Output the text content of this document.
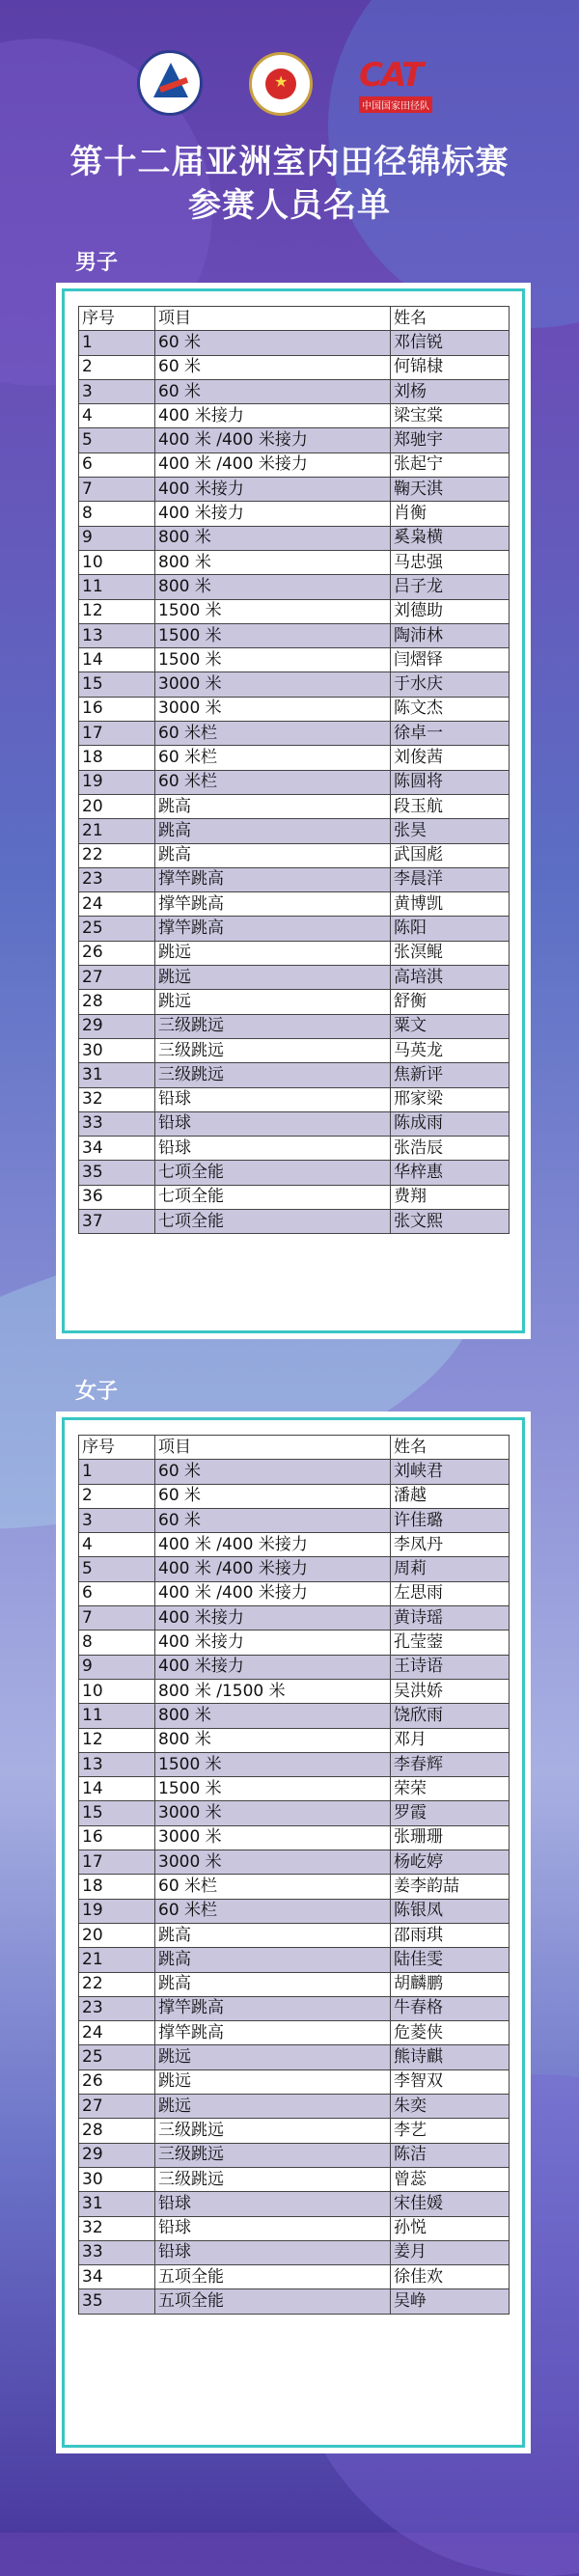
★ CAT
中国国家田径队
第十二届亚洲室内田径锦标赛
参赛人员名单
男子
序号	项目	姓名
1	60 米	邓信锐
2	60 米	何锦棣
3	60 米	刘杨
4	400 米接力	梁宝棠
5	400 米 /400 米接力	郑驰宇
6	400 米 /400 米接力	张起宁
7	400 米接力	鞠天淇
8	400 米接力	肖衡
9	800 米	奚枭横
10	800 米	马忠强
11	800 米	吕子龙
12	1500 米	刘德助
13	1500 米	陶沛林
14	1500 米	闫熠铎
15	3000 米	于水庆
16	3000 米	陈文杰
17	60 米栏	徐卓一
18	60 米栏	刘俊茜
19	60 米栏	陈圆将
20	跳高	段玉航
21	跳高	张昊
22	跳高	武国彪
23	撑竿跳高	李晨洋
24	撑竿跳高	黄博凯
25	撑竿跳高	陈阳
26	跳远	张溟鲲
27	跳远	高培淇
28	跳远	舒衡
29	三级跳远	粟文
30	三级跳远	马英龙
31	三级跳远	焦新评
32	铅球	邢家梁
33	铅球	陈成雨
34	铅球	张浩辰
35	七项全能	华梓惠
36	七项全能	费翔
37	七项全能	张文熙
女子
序号	项目	姓名
1	60 米	刘峡君
2	60 米	潘越
3	60 米	许佳璐
4	400 米 /400 米接力	李凤丹
5	400 米 /400 米接力	周莉
6	400 米 /400 米接力	左思雨
7	400 米接力	黄诗瑶
8	400 米接力	孔莹蓥
9	400 米接力	王诗语
10	800 米 /1500 米	吴洪娇
11	800 米	饶欣雨
12	800 米	邓月
13	1500 米	李春辉
14	1500 米	荣荣
15	3000 米	罗霞
16	3000 米	张珊珊
17	3000 米	杨屹婷
18	60 米栏	姜李韵喆
19	60 米栏	陈银凤
20	跳高	邵雨琪
21	跳高	陆佳雯
22	跳高	胡麟鹏
23	撑竿跳高	牛春格
24	撑竿跳高	危菱侠
25	跳远	熊诗麒
26	跳远	李智双
27	跳远	朱奕
28	三级跳远	李艺
29	三级跳远	陈洁
30	三级跳远	曾蕊
31	铅球	宋佳媛
32	铅球	孙悦
33	铅球	姜月
34	五项全能	徐佳欢
35	五项全能	吴峥
